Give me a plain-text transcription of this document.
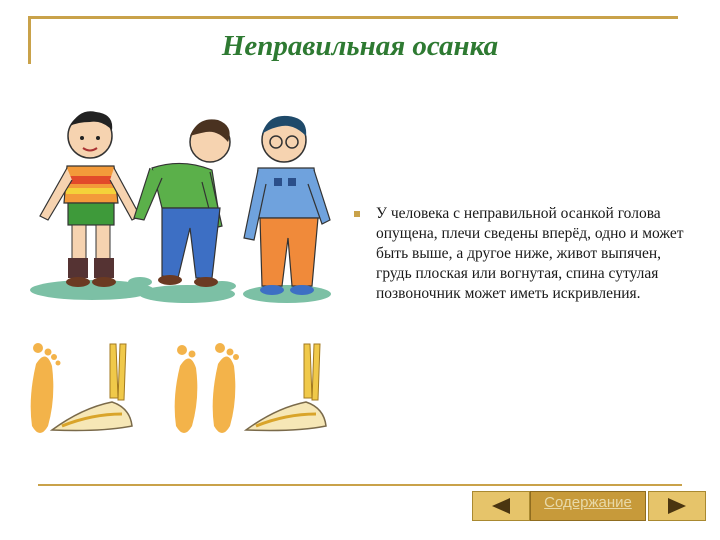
Неправильная осанка
У человека с неправильной осанкой голова опущена, плечи сведены вперёд, одно и может быть выше, а другое ниже, живот выпячен, грудь плоская или вогнутая, спина сутулая позвоночник может иметь искривления.
Содержание
